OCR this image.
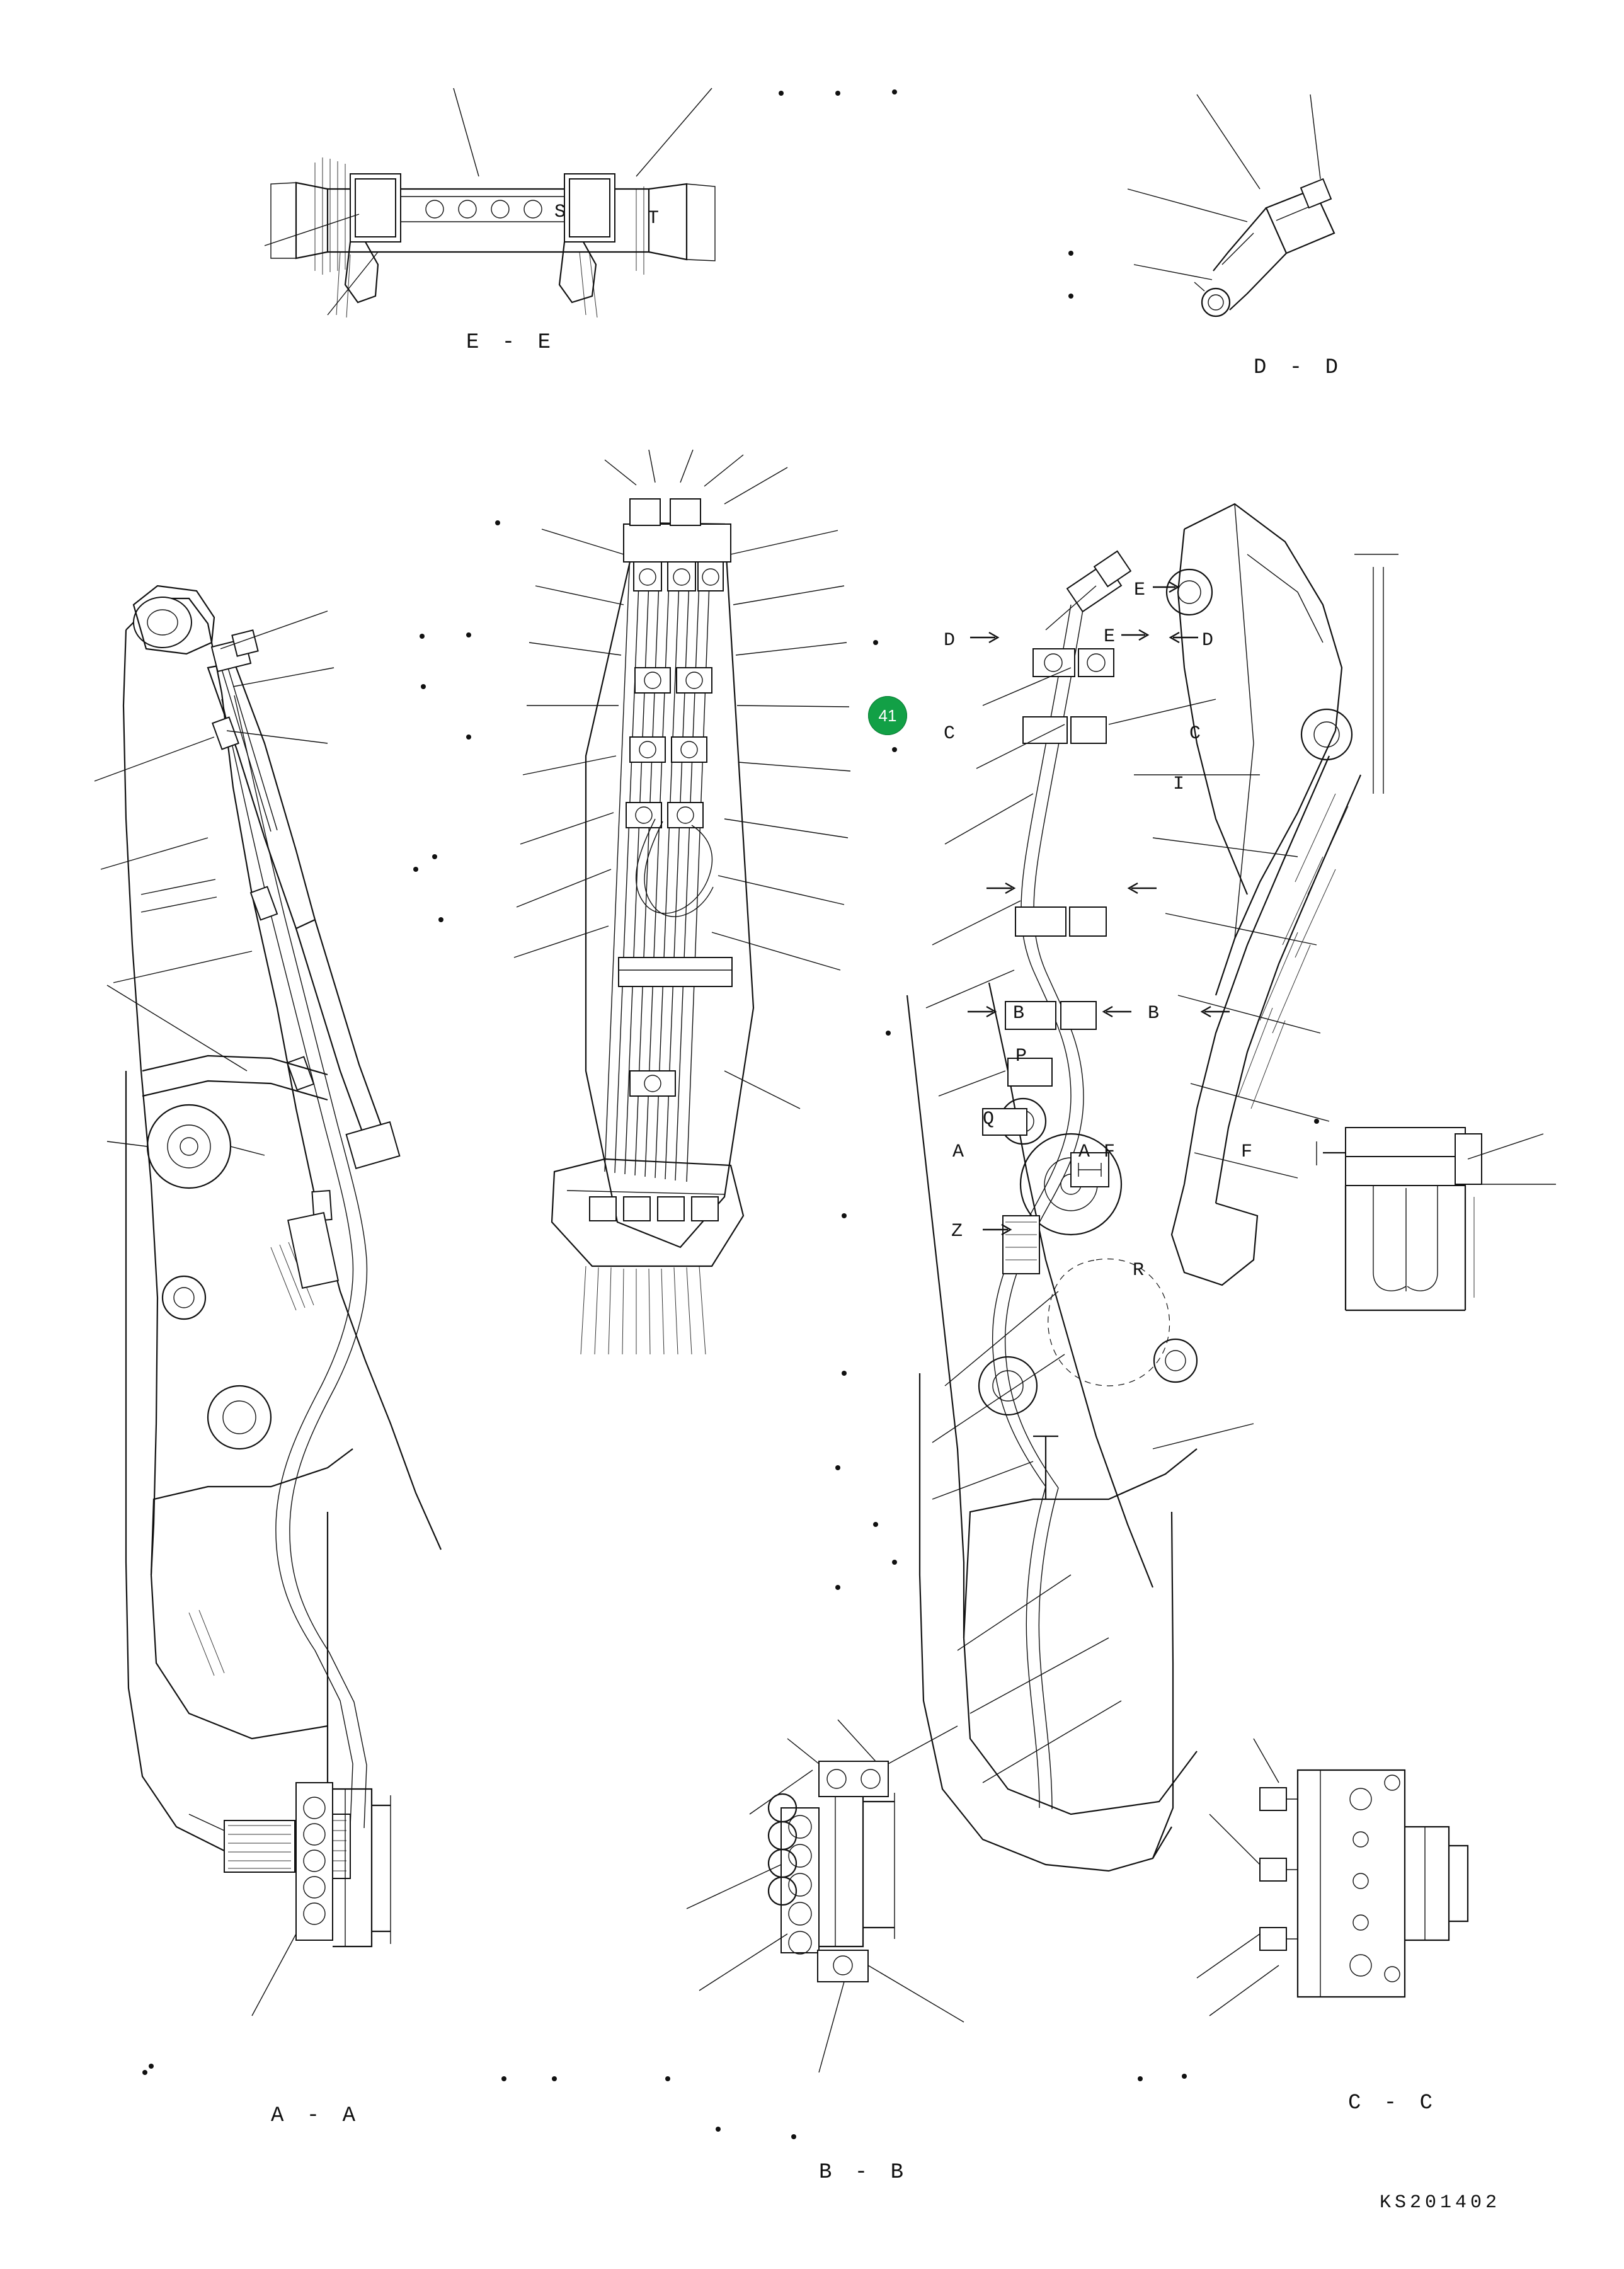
E - E
D - D
A - A
B - B
C - C
S	T
E
E
D	D
C	C
I
B	B
P
Q
A	A F	F
Z
R
41
KS201402
